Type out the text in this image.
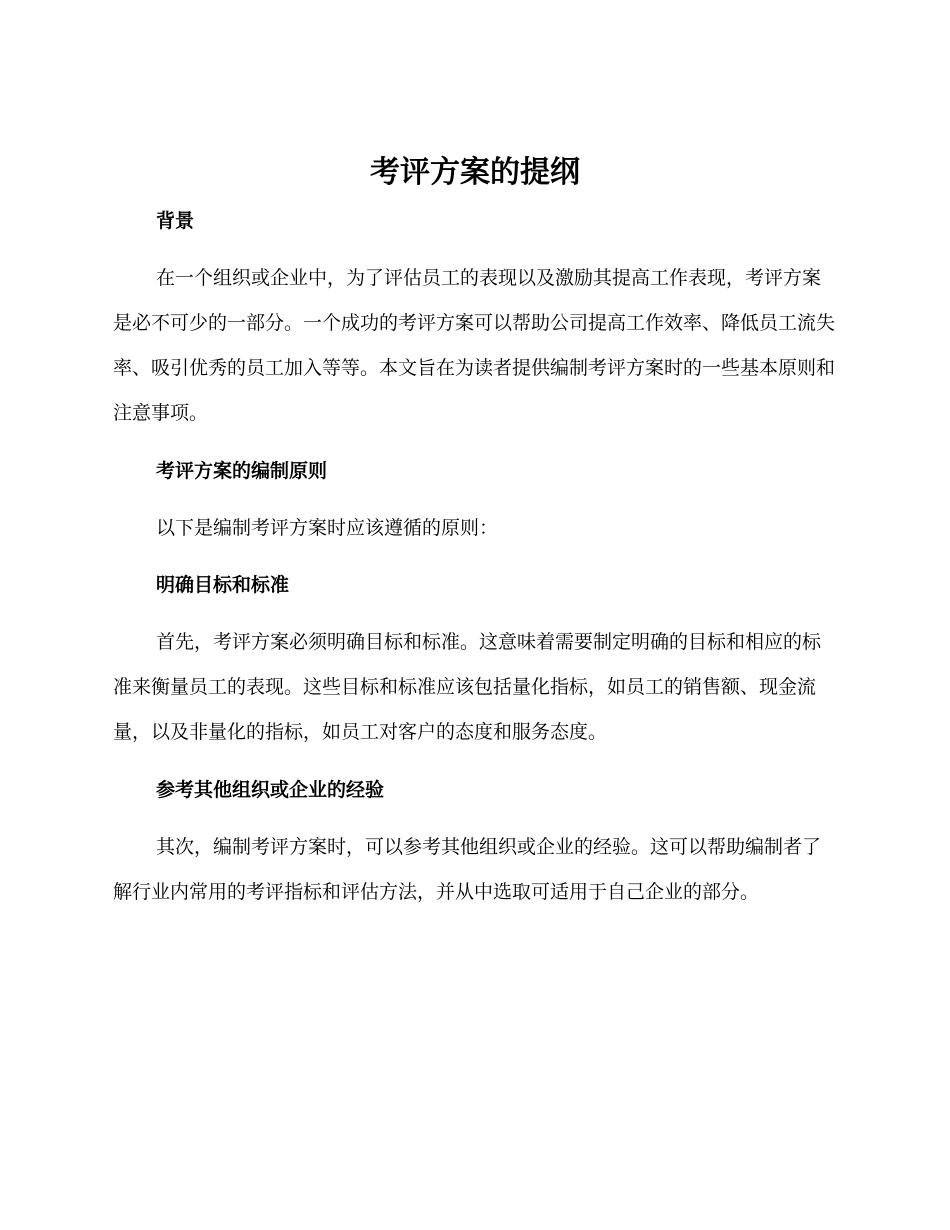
考评方案的提纲
背景

在一个组织或企业中，为了评估员工的表现以及激励其提高工作表现，考评方案是必不可少的一部分。一个成功的考评方案可以帮助公司提高工作效率、降低员工流失率、吸引优秀的员工加入等等。本文旨在为读者提供编制考评方案时的一些基本原则和注意事项。

考评方案的编制原则

以下是编制考评方案时应该遵循的原则：

明确目标和标准

首先，考评方案必须明确目标和标准。这意味着需要制定明确的目标和相应的标准来衡量员工的表现。这些目标和标准应该包括量化指标，如员工的销售额、现金流量，以及非量化的指标，如员工对客户的态度和服务态度。

参考其他组织或企业的经验

其次，编制考评方案时，可以参考其他组织或企业的经验。这可以帮助编制者了解行业内常用的考评指标和评估方法，并从中选取可适用于自己企业的部分。
